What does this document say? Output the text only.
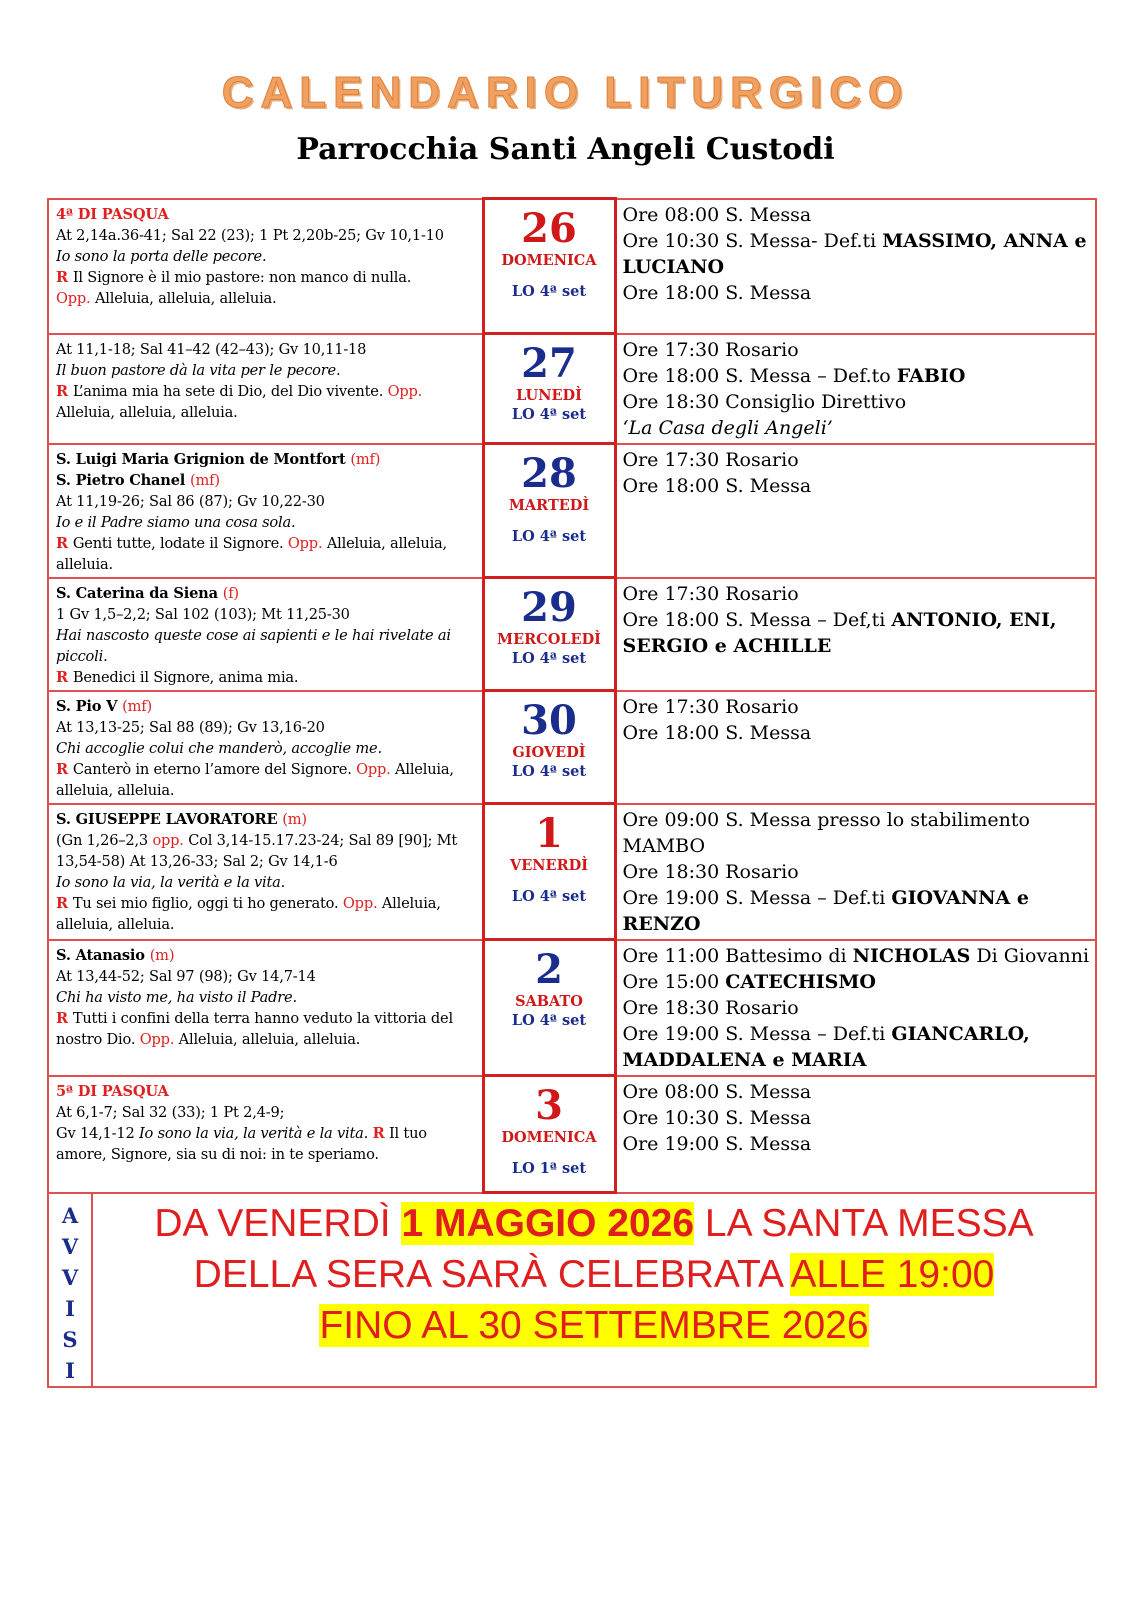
CALENDARIO LITURGICO
Parrocchia Santi Angeli Custodi
4ª DI PASQUA
At 2,14a.36-41; Sal 22 (23); 1 Pt 2,20b-25; Gv 10,1-10
Io sono la porta delle pecore.
R Il Signore è il mio pastore: non manco di nulla.
Opp. Alleluia, alleluia, alleluia.

26
DOMENICA
LO 4ª set

Ore 08:00 S. Messa
Ore 10:30 S. Messa- Def.ti MASSIMO, ANNA e
LUCIANO
Ore 18:00 S. Messa

At 11,1-18; Sal 41–42 (42–43); Gv 10,11-18
Il buon pastore dà la vita per le pecore.
R L’anima mia ha sete di Dio, del Dio vivente. Opp.
Alleluia, alleluia, alleluia.

27
LUNEDÌ
LO 4ª set

Ore 17:30 Rosario
Ore 18:00 S. Messa – Def.to FABIO
Ore 18:30 Consiglio Direttivo
‘La Casa degli Angeli’

S. Luigi Maria Grignion de Montfort (mf)
S. Pietro Chanel (mf)
At 11,19-26; Sal 86 (87); Gv 10,22-30
Io e il Padre siamo una cosa sola.
R Genti tutte, lodate il Signore. Opp. Alleluia, alleluia,
alleluia.

28
MARTEDÌ
LO 4ª set

Ore 17:30 Rosario
Ore 18:00 S. Messa

S. Caterina da Siena (f)
1 Gv 1,5–2,2; Sal 102 (103); Mt 11,25-30
Hai nascosto queste cose ai sapienti e le hai rivelate ai
piccoli.
R Benedici il Signore, anima mia.

29
MERCOLEDÌ
LO 4ª set

Ore 17:30 Rosario
Ore 18:00 S. Messa – Def,ti ANTONIO, ENI,
SERGIO e ACHILLE

S. Pio V (mf)
At 13,13-25; Sal 88 (89); Gv 13,16-20
Chi accoglie colui che manderò, accoglie me.
R Canterò in eterno l’amore del Signore. Opp. Alleluia,
alleluia, alleluia.

30
GIOVEDÌ
LO 4ª set

Ore 17:30 Rosario
Ore 18:00 S. Messa

S. GIUSEPPE LAVORATORE (m)
(Gn 1,26–2,3 opp. Col 3,14-15.17.23-24; Sal 89 [90]; Mt
13,54-58) At 13,26-33; Sal 2; Gv 14,1-6
Io sono la via, la verità e la vita.
R Tu sei mio figlio, oggi ti ho generato. Opp. Alleluia,
alleluia, alleluia.

1
VENERDÌ
LO 4ª set

Ore 09:00 S. Messa presso lo stabilimento
MAMBO
Ore 18:30 Rosario
Ore 19:00 S. Messa – Def.ti GIOVANNA e
RENZO

S. Atanasio (m)
At 13,44-52; Sal 97 (98); Gv 14,7-14
Chi ha visto me, ha visto il Padre.
R Tutti i confini della terra hanno veduto la vittoria del
nostro Dio. Opp. Alleluia, alleluia, alleluia.

2
SABATO
LO 4ª set

Ore 11:00 Battesimo di NICHOLAS Di Giovanni
Ore 15:00 CATECHISMO
Ore 18:30 Rosario
Ore 19:00 S. Messa – Def.ti GIANCARLO,
MADDALENA e MARIA

5ª DI PASQUA
At 6,1-7; Sal 32 (33); 1 Pt 2,4-9;
Gv 14,1-12 Io sono la via, la verità e la vita. R Il tuo
amore, Signore, sia su di noi: in te speriamo.

3
DOMENICA
LO 1ª set

Ore 08:00 S. Messa
Ore 10:30 S. Messa
Ore 19:00 S. Messa

A
V
V
I
S
I

DA VENERDÌ 1 MAGGIO 2026 LA SANTA MESSA
DELLA SERA SARÀ CELEBRATA ALLE 19:00
FINO AL 30 SETTEMBRE 2026
